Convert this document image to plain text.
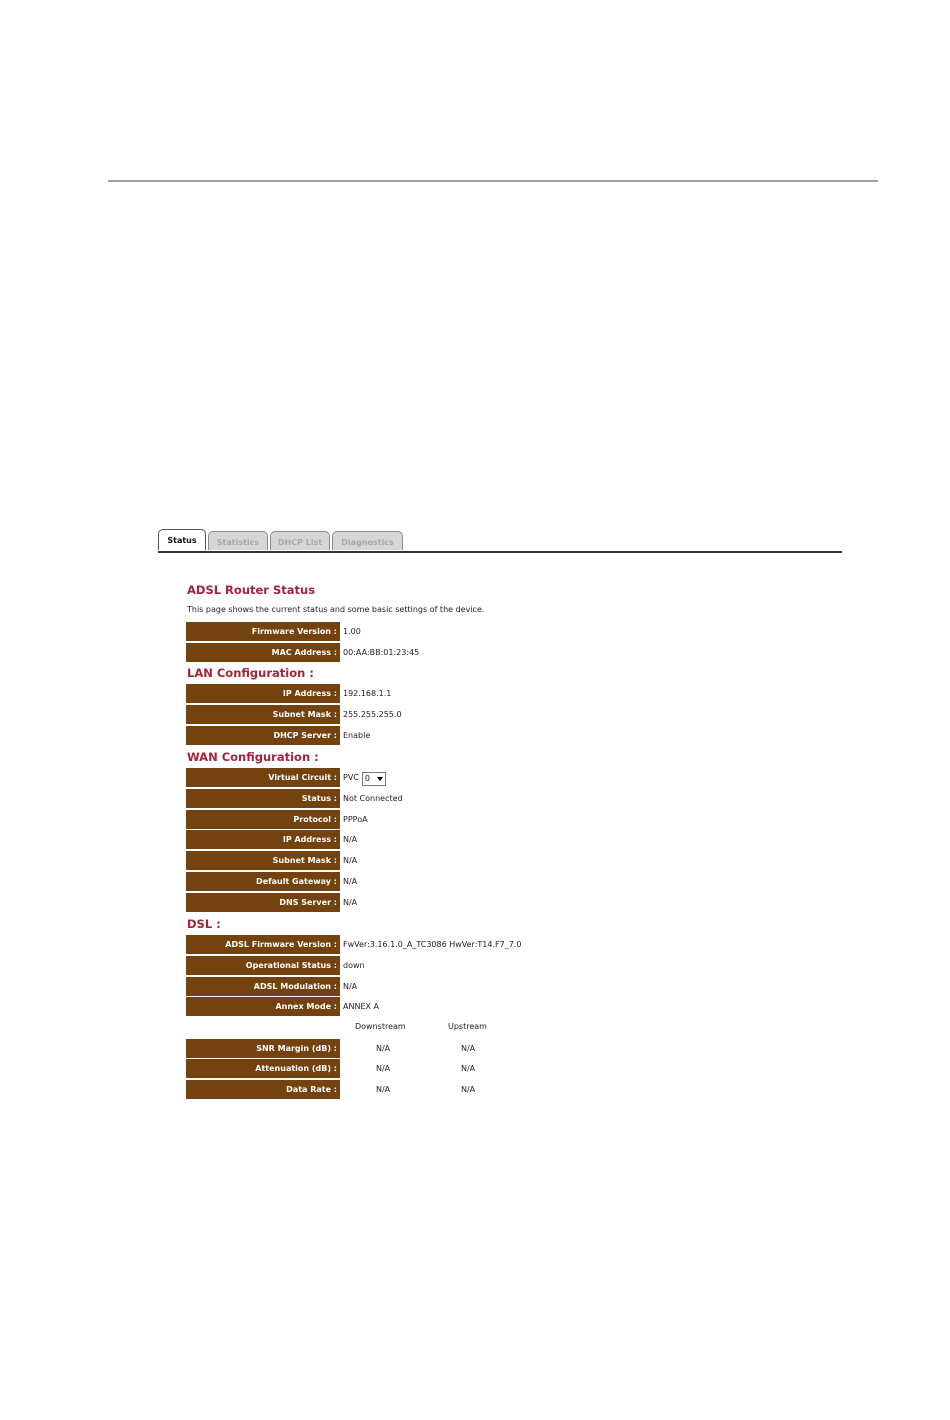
Status	Statistics	DHCP List	Diagnostics
ADSL Router Status
This page shows the current status and some basic settings of the device.
Firmware Version : 1.00
MAC Address : 00:AA:BB:01:23:45
LAN Configuration :
IP Address : 192.168.1.1
Subnet Mask : 255.255.255.0
DHCP Server : Enable
WAN Configuration :
Virtual Circuit : PVC 0
Status : Not Connected
Protocol : PPPoA
IP Address : N/A
Subnet Mask : N/A
Default Gateway : N/A
DNS Server : N/A
DSL :
ADSL Firmware Version : FwVer:3.16.1.0_A_TC3086 HwVer:T14.F7_7.0
Operational Status : down
ADSL Modulation : N/A
Annex Mode : ANNEX A
Downstream	Upstream
SNR Margin (dB) :	N/A	N/A
Attenuation (dB) :	N/A	N/A
Data Rate :	N/A	N/A
